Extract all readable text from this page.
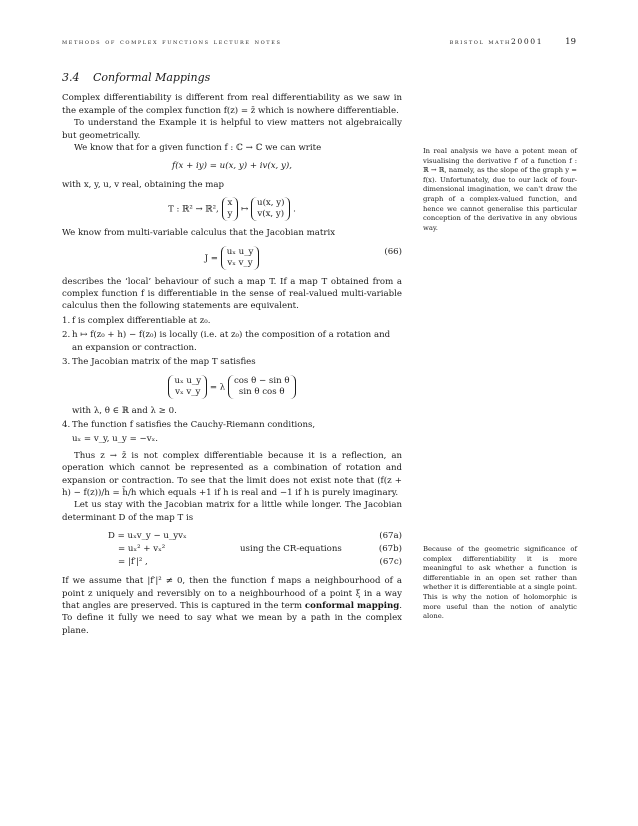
methods of complex functions lecture notes	bristol math20001	19
3.4 Conformal Mappings

Complex differentiability is different from real differentiability as we saw in the example of the complex function f(z) = z̄ which is nowhere differentiable.

To understand the Example it is helpful to view matters not algebraically but geometrically.

We know that for a given function f : ℂ → ℂ we can write

f(x + iy) = u(x, y) + iv(x, y),

with x, y, u, v real, obtaining the map

T : ℝ² → ℝ²,
x
y ↦
u(x, y)
v(x, y) .

We know from multi-variable calculus that the Jacobian matrix

J =
uₓ u_y
vₓ v_y
(66)

describes the ‘local’ behaviour of such a map T. If a map T obtained from a complex function f is differentiable in the sense of real-valued multi-variable calculus then the following statements are equivalent.

1. f is complex differentiable at z₀.
2. h ↦ f(z₀ + h) − f(z₀) is locally (i.e. at z₀) the composition of a rotation and an expansion or contraction.
3. The Jacobian matrix of the map T satisfies
uₓ u_y
vₓ v_y = λ
cos θ − sin θ
sin θ cos θ

with λ, θ ∈ ℝ and λ ≥ 0.

4. The function f satisfies the Cauchy-Riemann conditions,

uₓ = v_y, u_y = −vₓ.

Thus z → z̄ is not complex differentiable because it is a reflection, an operation which cannot be represented as a combination of rotation and expansion or contraction. To see that the limit does not exist note that (f(z + h) − f(z))/h = h̄/h which equals +1 if h is real and −1 if h is purely imaginary.

Let us stay with the Jacobian matrix for a little while longer. The Jacobian determinant D of the map T is

D = uₓv_y − u_yvₓ	(67a)
= uₓ² + vₓ²	using the CR-equations	(67b)
= |f′|² ,	(67c)

If we assume that |f′|² ≠ 0, then the function f maps a neighbourhood of a point z uniquely and reversibly on to a neighbourhood of a point ξ in a way that angles are preserved. This is captured in the term conformal mapping. To define it fully we need to say what we mean by a path in the complex plane.

In real analysis we have a potent mean of visualising the derivative f′ of a function f : ℝ → ℝ, namely, as the slope of the graph y = f(x). Unfortunately, due to our lack of four-dimensional imagination, we can't draw the graph of a complex-valued function, and hence we cannot generalise this particular conception of the derivative in any obvious way.

Because of the geometric significance of complex differentiability it is more meaningful to ask whether a function is differentiable in an open set rather than whether it is differentiable at a single point. This is why the notion of holomorphic is more useful than the notion of analytic alone.
